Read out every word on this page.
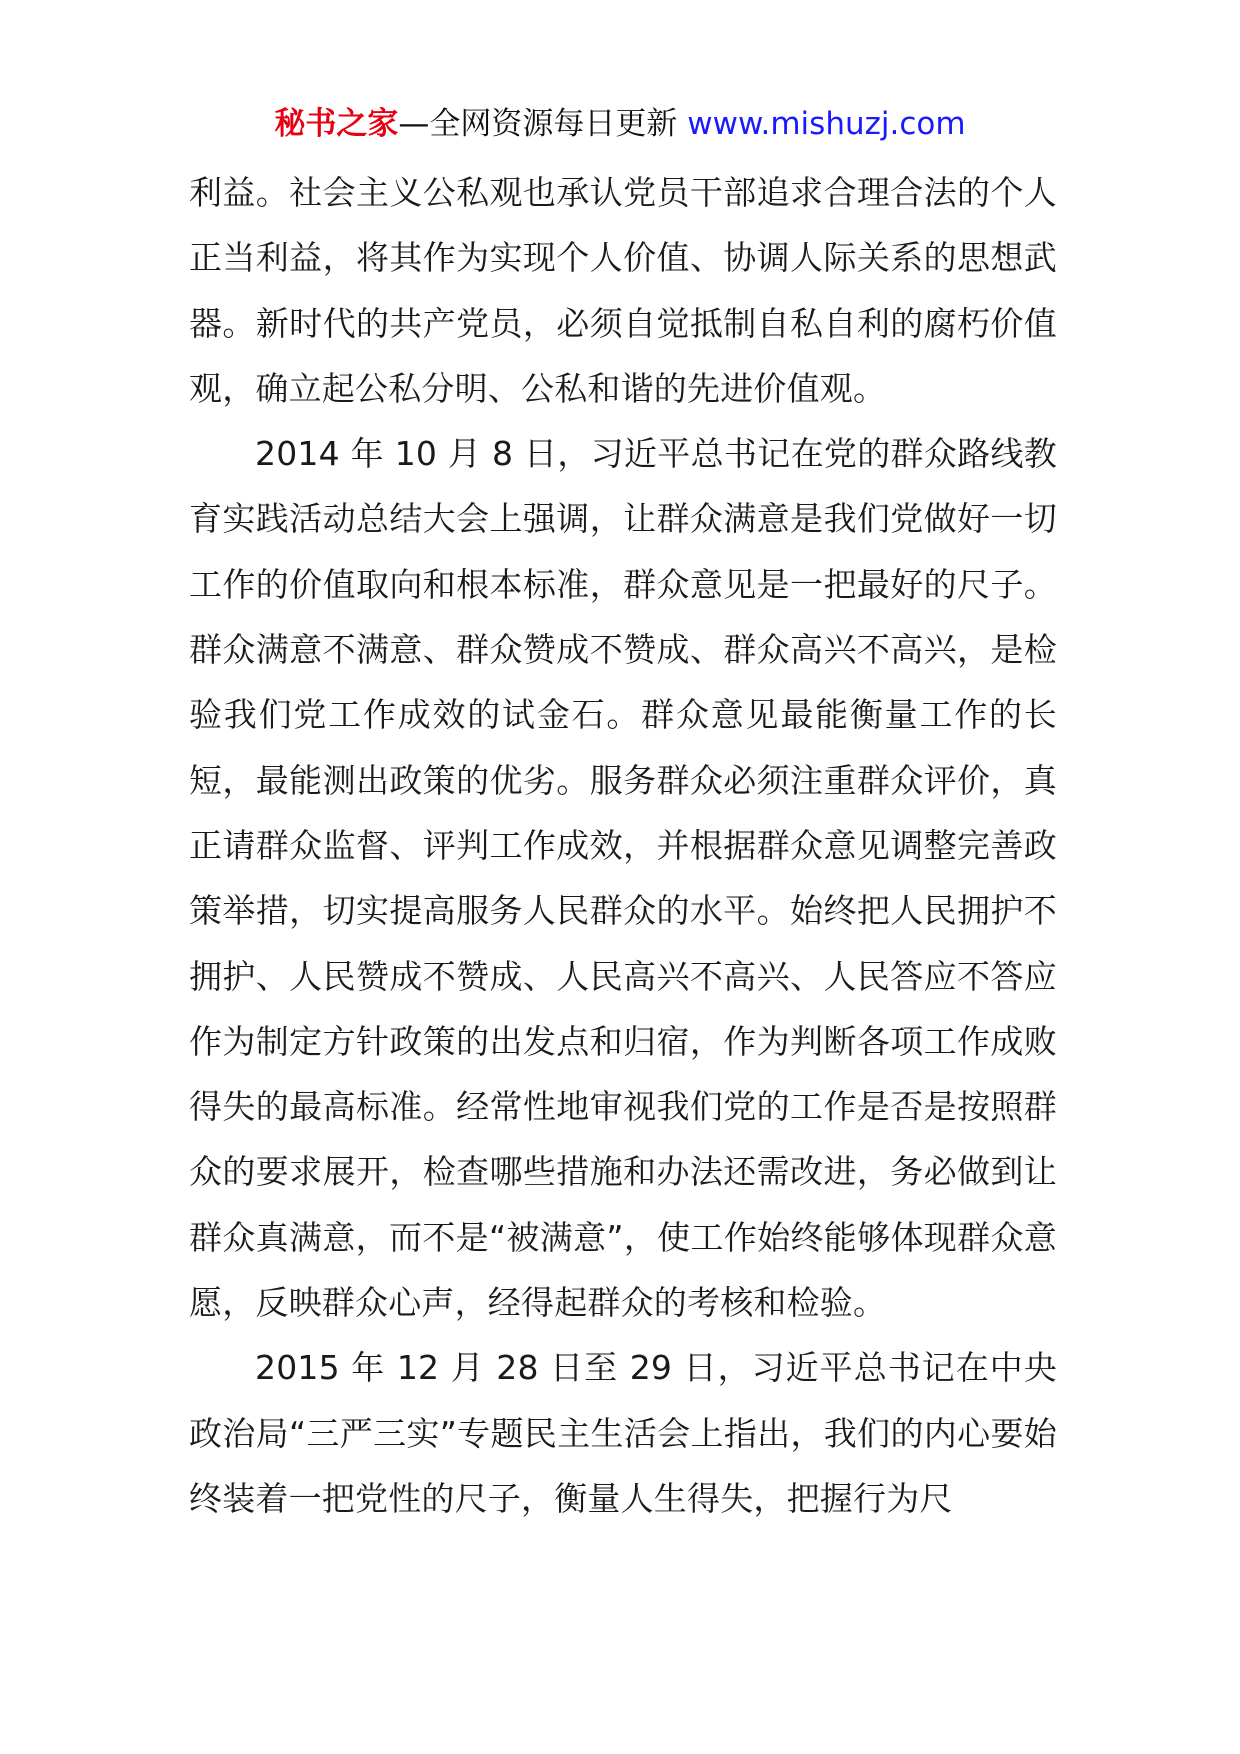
秘书之家—全网资源每日更新 www.mishuzj.com

利益。社会主义公私观也承认党员干部追求合理合法的个人正当利益，将其作为实现个人价值、协调人际关系的思想武器。新时代的共产党员，必须自觉抵制自私自利的腐朽价值观，确立起公私分明、公私和谐的先进价值观。

2014 年 10 月 8 日，习近平总书记在党的群众路线教育实践活动总结大会上强调，让群众满意是我们党做好一切工作的价值取向和根本标准，群众意见是一把最好的尺子。群众满意不满意、群众赞成不赞成、群众高兴不高兴，是检验我们党工作成效的试金石。群众意见最能衡量工作的长短，最能测出政策的优劣。服务群众必须注重群众评价，真正请群众监督、评判工作成效，并根据群众意见调整完善政策举措，切实提高服务人民群众的水平。始终把人民拥护不拥护、人民赞成不赞成、人民高兴不高兴、人民答应不答应作为制定方针政策的出发点和归宿，作为判断各项工作成败得失的最高标准。经常性地审视我们党的工作是否是按照群众的要求展开，检查哪些措施和办法还需改进，务必做到让群众真满意，而不是“被满意”，使工作始终能够体现群众意愿，反映群众心声，经得起群众的考核和检验。

2015 年 12 月 28 日至 29 日，习近平总书记在中央政治局“三严三实”专题民主生活会上指出，我们的内心要始终装着一把党性的尺子，衡量人生得失，把握行为尺
